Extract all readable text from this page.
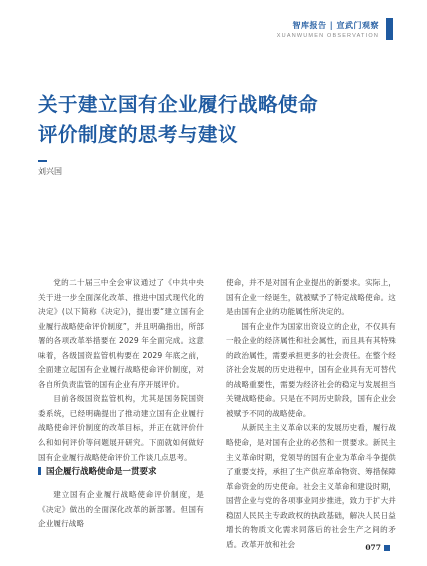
智库报告 | 宣武门观察
XUANWUMEN OBSERVATION
关于建立国有企业履行战略使命
评价制度的思考与建议
刘兴国

党的二十届三中全会审议通过了《中共中央关于进一步全面深化改革、推进中国式现代化的决定》(以下简称《决定》)，提出要“建立国有企业履行战略使命评价制度”，并且明确指出，所部署的各项改革举措要在 2029 年全面完成。这意味着，各级国资监管机构要在 2029 年底之前，全面建立起国有企业履行战略使命评价制度，对各自所负责监管的国有企业有序开展评价。

目前各级国资监管机构，尤其是国务院国资委系统，已经明确提出了推动建立国有企业履行战略使命评价制度的改革目标，并正在就评价什么和如何评价等问题展开研究。下面就如何做好国有企业履行战略使命评价工作谈几点思考。

国企履行战略使命是一贯要求

建立国有企业履行战略使命评价制度，是《决定》做出的全面深化改革的新部署。但国有企业履行战略

使命，并不是对国有企业提出的新要求。实际上，国有企业一经诞生，就被赋予了特定战略使命。这是由国有企业的功能属性所决定的。

国有企业作为国家出资设立的企业，不仅具有一般企业的经济属性和社会属性，而且具有其特殊的政治属性，需要承担更多的社会责任。在整个经济社会发展的历史进程中，国有企业具有无可替代的战略重要性，需要为经济社会的稳定与发展担当关键战略使命。只是在不同历史阶段，国有企业会被赋予不同的战略使命。

从新民主主义革命以来的发展历史看，履行战略使命，是对国有企业的必然和一贯要求。新民主主义革命时期，党领导的国有企业为革命斗争提供了重要支持，承担了生产供应革命物资、筹措保障革命资金的历史使命。社会主义革命和建设时期，国营企业与党的各项事业同步推进，致力于扩大并稳固人民民主专政政权的执政基础，解决人民日益增长的物质文化需求同落后的社会生产之间的矛盾。改革开放和社会	077
